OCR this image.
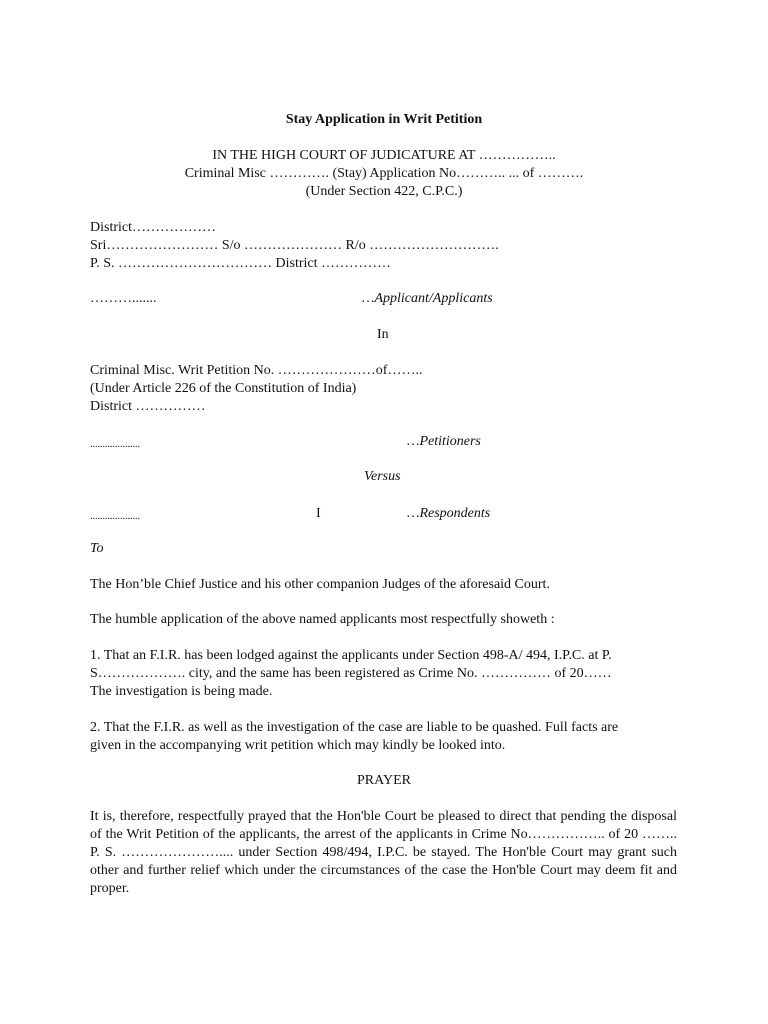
Stay Application in Writ Petition
IN THE HIGH COURT OF JUDICATURE AT ……………..
Criminal Misc …………. (Stay) Application No……….. ... of ……….
(Under Section 422, C.P.C.)
District………………
Sri…………………… S/o ………………… R/o ……………………….
P. S. …………………………… District ……………
……….......	…Applicant/Applicants
In
Criminal Misc. Writ Petition No. …………………of……..
(Under Article 226 of the Constitution of India)
District ……………
....................	…Petitioners
Versus
....................	I	…Respondents
To
The Hon’ble Chief Justice and his other companion Judges of the aforesaid Court.
The humble application of the above named applicants most respectfully showeth :
1. That an F.I.R. has been lodged against the applicants under Section 498-A/ 494, I.P.C. at P.
S………………. city, and the same has been registered as Crime No. …………… of 20……
The investigation is being made.
2. That the F.I.R. as well as the investigation of the case are liable to be quashed. Full facts are
given in the accompanying writ petition which may kindly be looked into.
PRAYER
It is, therefore, respectfully prayed that the Hon'ble Court be pleased to direct that pending the disposal of the Writ Petition of the applicants, the arrest of the applicants in Crime No…………….. of 20 …….. P. S. ………………….... under Section 498/494, I.P.C. be stayed. The Hon'ble Court may grant such other and further relief which under the circumstances of the case the Hon'ble Court may deem fit and proper.
